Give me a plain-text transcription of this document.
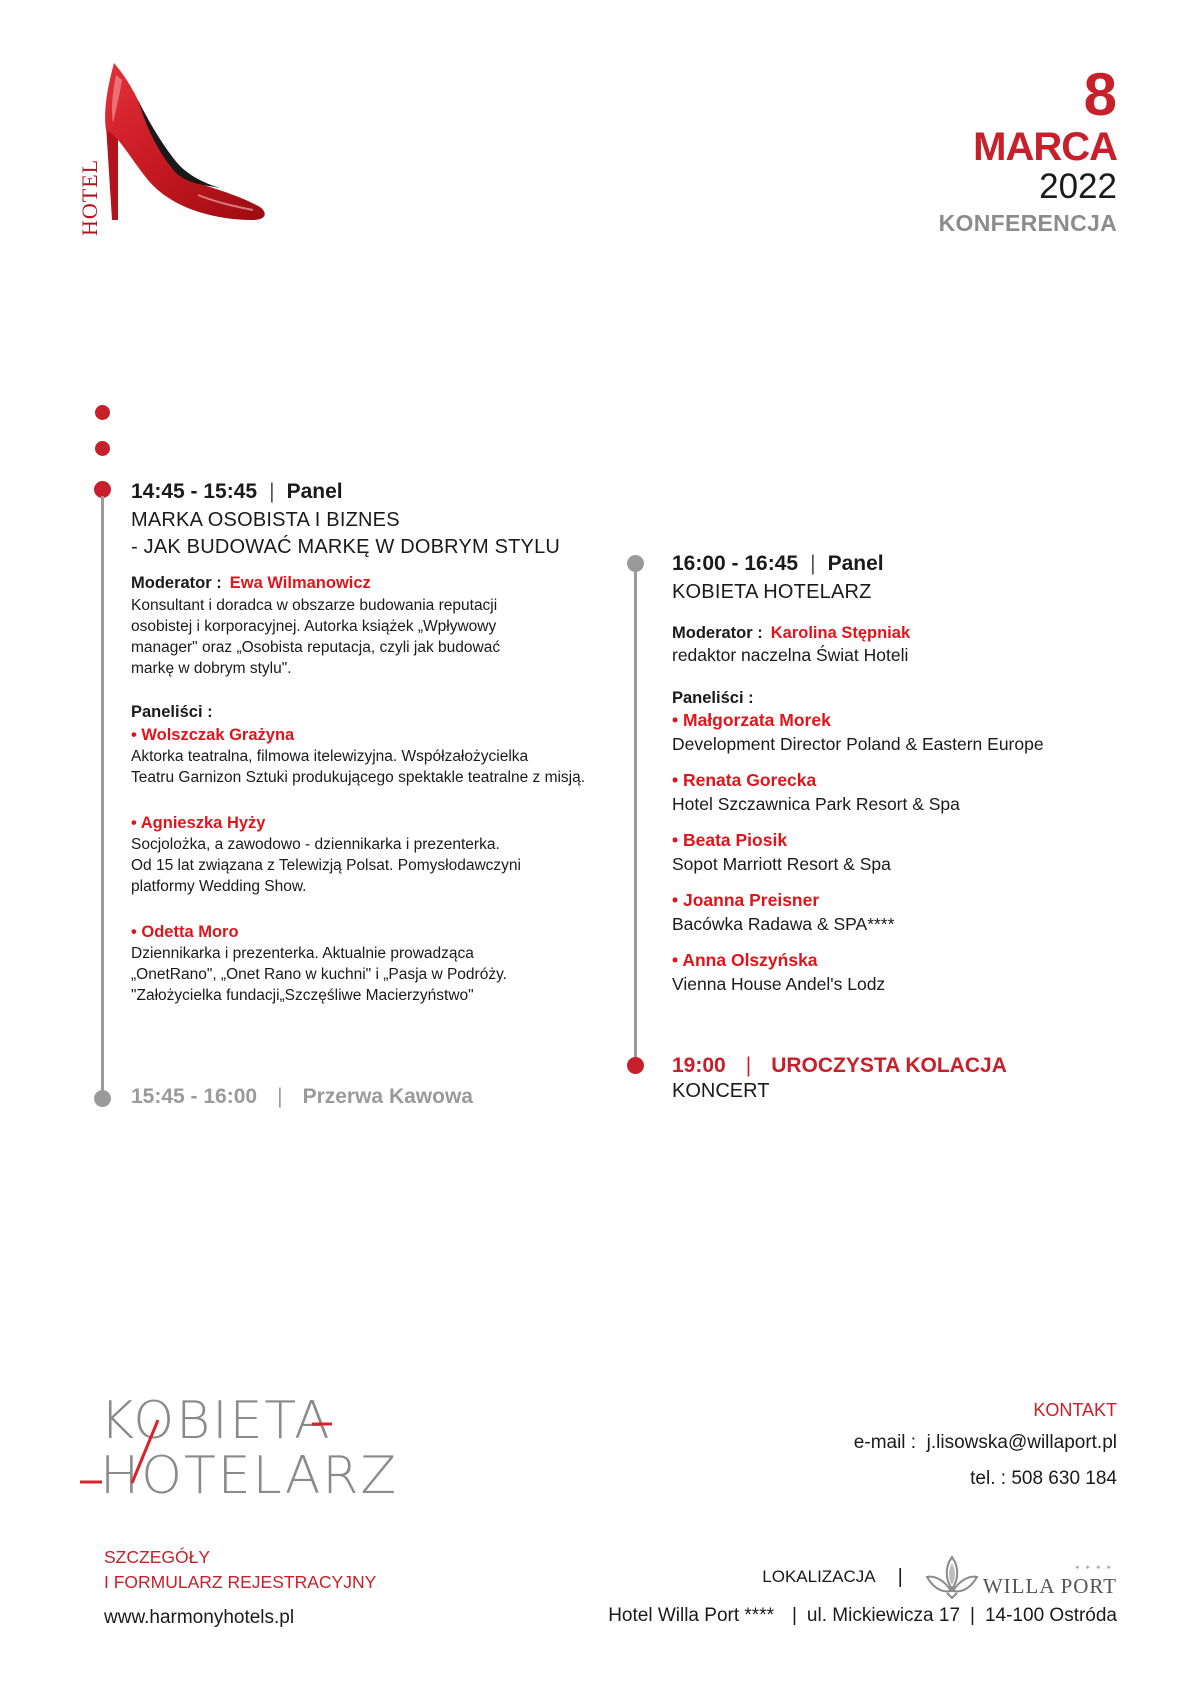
HOTEL
8
MARCA
2022
KONFERENCJA
14:45 - 15:45 | Panel
MARKA OSOBISTA I BIZNES
- JAK BUDOWAĆ MARKĘ W DOBRYM STYLU
Moderator : Ewa Wilmanowicz
Konsultant i doradca w obszarze budowania reputacji
osobistej i korporacyjnej. Autorka książek „Wpływowy
manager" oraz „Osobista reputacja, czyli jak budować
markę w dobrym stylu".
Paneliści :
• Wolszczak Grażyna
Aktorka teatralna, filmowa itelewizyjna. Współzałożycielka
Teatru Garnizon Sztuki produkującego spektakle teatralne z misją.
• Agnieszka Hyży
Socjolożka, a zawodowo - dziennikarka i prezenterka.
Od 15 lat związana z Telewizją Polsat. Pomysłodawczyni
platformy Wedding Show.
• Odetta Moro
Dziennikarka i prezenterka. Aktualnie prowadząca
„OnetRano", „Onet Rano w kuchni" i „Pasja w Podróży.
"Założycielka fundacji„Szczęśliwe Macierzyństwo"
15:45 - 16:00 | Przerwa Kawowa
16:00 - 16:45 | Panel
KOBIETA HOTELARZ
Moderator : Karolina Stępniak
redaktor naczelna Świat Hoteli
Paneliści :
• Małgorzata Morek
Development Director Poland & Eastern Europe
• Renata Gorecka
Hotel Szczawnica Park Resort & Spa
• Beata Piosik
Sopot Marriott Resort & Spa
• Joanna Preisner
Bacówka Radawa & SPA****
• Anna Olszyńska
Vienna House Andel's Lodz
19:00 | UROCZYSTA KOLACJA
KONCERT
KOBIETA
HOTELARZ
SZCZEGÓŁY
I FORMULARZ REJESTRACYJNY
www.harmonyhotels.pl
KONTAKT
e-mail : j.lisowska@willaport.pl
tel. : 508 630 184
LOKALIZACJA |	****
WILLA PORT
Hotel Willa Port **** | ul. Mickiewicza 17 | 14-100 Ostróda
